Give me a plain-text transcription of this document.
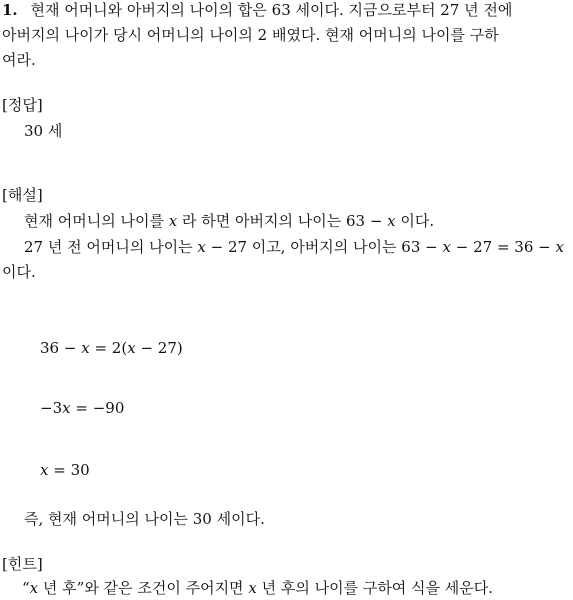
1. 현재 어머니와 아버지의 나이의 합은 63 세이다. 지금으로부터 27 년 전에
아버지의 나이가 당시 어머니의 나이의 2 배였다. 현재 어머니의 나이를 구하
여라.
[정답]
30 세
[해설]
현재 어머니의 나이를 x 라 하면 아버지의 나이는 63 − x 이다.
27 년 전 어머니의 나이는 x − 27 이고, 아버지의 나이는 63 − x − 27 = 36 − x
이다.
36 − x = 2(x − 27)
−3x = −90
x = 30
즉, 현재 어머니의 나이는 30 세이다.
[힌트]
“x 년 후”와 같은 조건이 주어지면 x 년 후의 나이를 구하여 식을 세운다.
